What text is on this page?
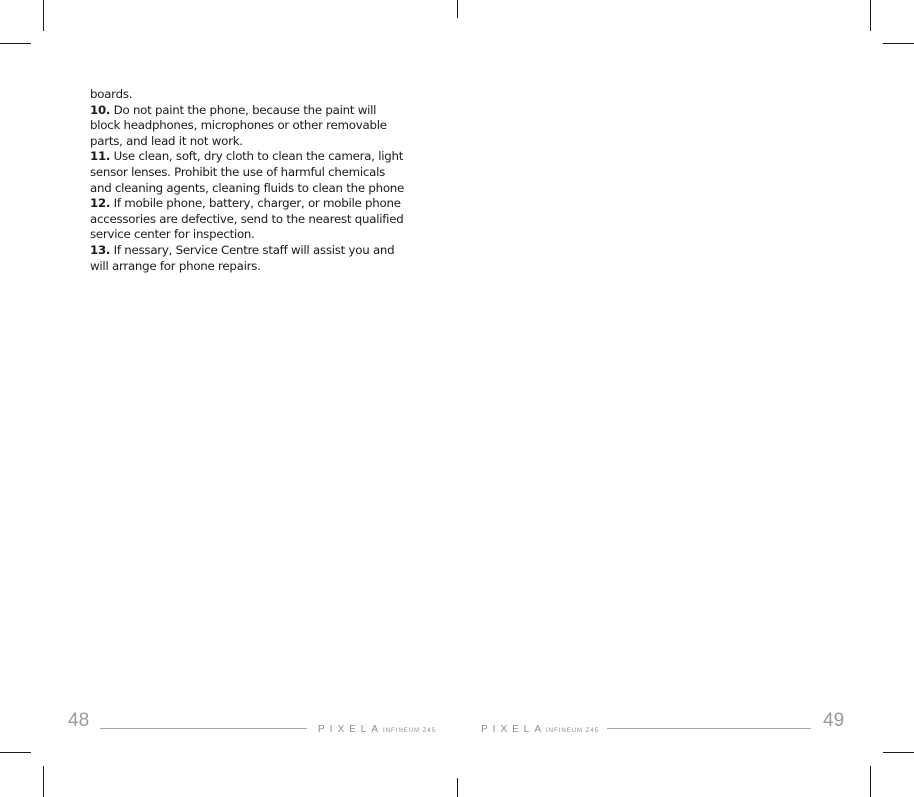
boards.

10. Do not paint the phone, because the paint will
block headphones, microphones or other removable
parts, and lead it not work.

11. Use clean, soft, dry cloth to clean the camera, light
sensor lenses. Prohibit the use of harmful chemicals
and cleaning agents, cleaning fluids to clean the phone

12. If mobile phone, battery, charger, or mobile phone
accessories are defective, send to the nearest qualified
service center for inspection.

13. If nessary, Service Centre staff will assist you and
will arrange for phone repairs.

48	PIXELAINFINEUM Z45	PIXELAINFINEUM Z45	49
